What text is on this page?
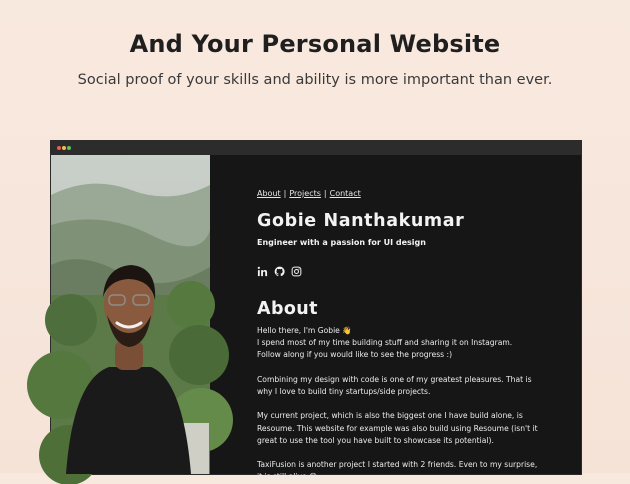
And Your Personal Website
Social proof of your skills and ability is more important than ever.
About | Projects | Contact
Gobie Nanthakumar
Engineer with a passion for UI design
About
Hello there, I'm Gobie 👋
I spend most of my time building stuff and sharing it on Instagram.
Follow along if you would like to see the progress :)
Combining my design with code is one of my greatest pleasures. That is
why I love to build tiny startups/side projects.
My current project, which is also the biggest one I have build alone, is
Resoume. This website for example was also build using Resoume (isn't it
great to use the tool you have built to showcase its potential).
TaxiFusion is another project I started with 2 friends. Even to my surprise,
it is still alive 😅
